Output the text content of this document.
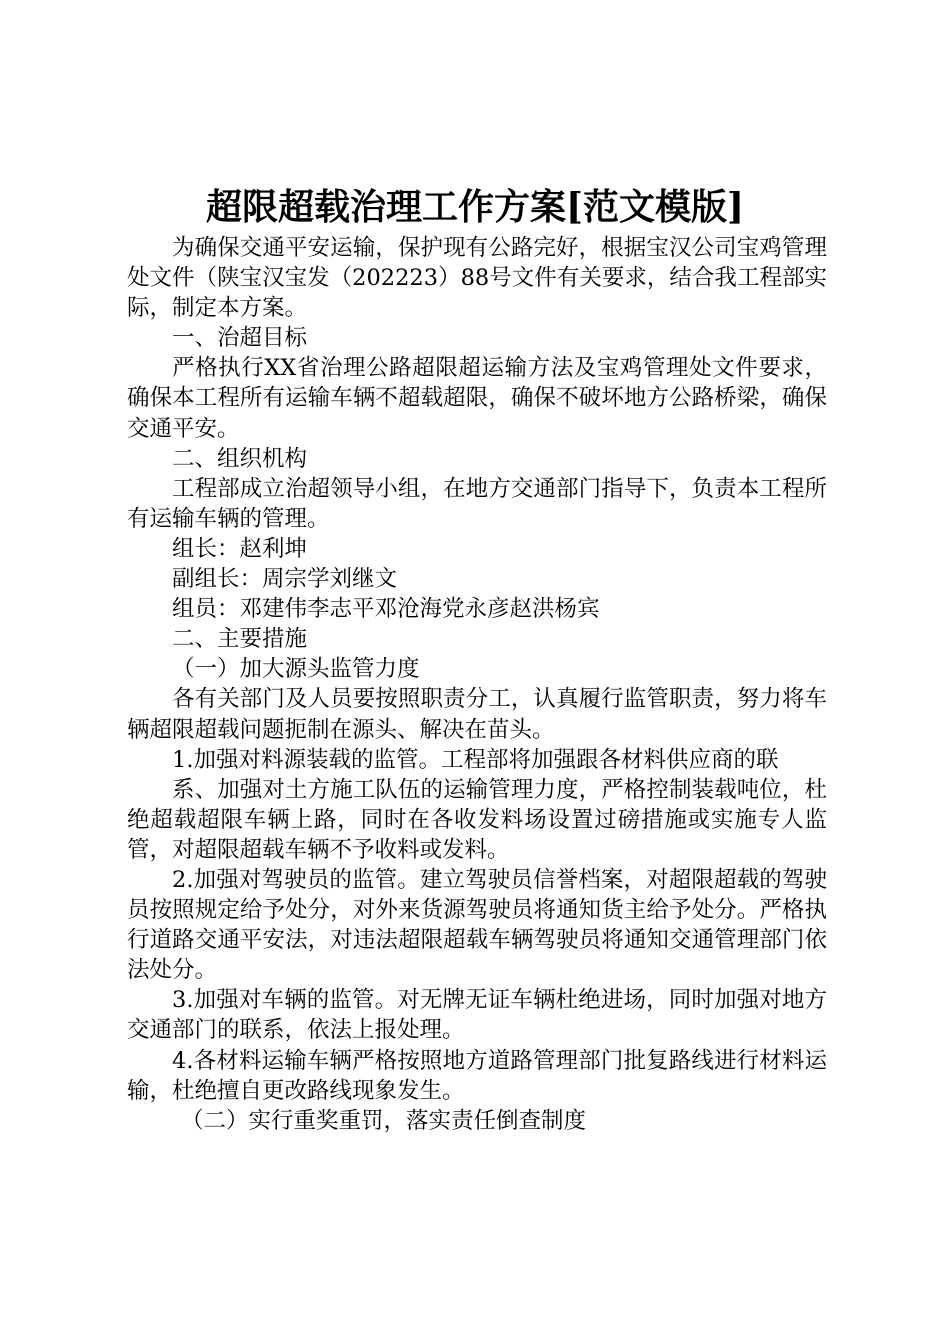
超限超载治理工作方案[范文模版]

为确保交通平安运输，保护现有公路完好，根据宝汉公司宝鸡管理处文件（陕宝汉宝发（202223）88号文件有关要求，结合我工程部实际，制定本方案。

一、治超目标

严格执行XX省治理公路超限超运输方法及宝鸡管理处文件要求，确保本工程所有运输车辆不超载超限，确保不破坏地方公路桥梁，确保交通平安。

二、组织机构

工程部成立治超领导小组，在地方交通部门指导下，负责本工程所有运输车辆的管理。

组长：赵利坤

副组长：周宗学刘继文

组员：邓建伟李志平邓沧海党永彦赵洪杨宾

二、主要措施

（一）加大源头监管力度

各有关部门及人员要按照职责分工，认真履行监管职责，努力将车辆超限超载问题扼制在源头、解决在苗头。

1.加强对料源装载的监管。工程部将加强跟各材料供应商的联

系、加强对土方施工队伍的运输管理力度，严格控制装载吨位，杜绝超载超限车辆上路，同时在各收发料场设置过磅措施或实施专人监管，对超限超载车辆不予收料或发料。

2.加强对驾驶员的监管。建立驾驶员信誉档案，对超限超载的驾驶员按照规定给予处分，对外来货源驾驶员将通知货主给予处分。严格执行道路交通平安法，对违法超限超载车辆驾驶员将通知交通管理部门依法处分。

3.加强对车辆的监管。对无牌无证车辆杜绝进场，同时加强对地方交通部门的联系，依法上报处理。

4.各材料运输车辆严格按照地方道路管理部门批复路线进行材料运输，杜绝擅自更改路线现象发生。

（二）实行重奖重罚，落实责任倒查制度
